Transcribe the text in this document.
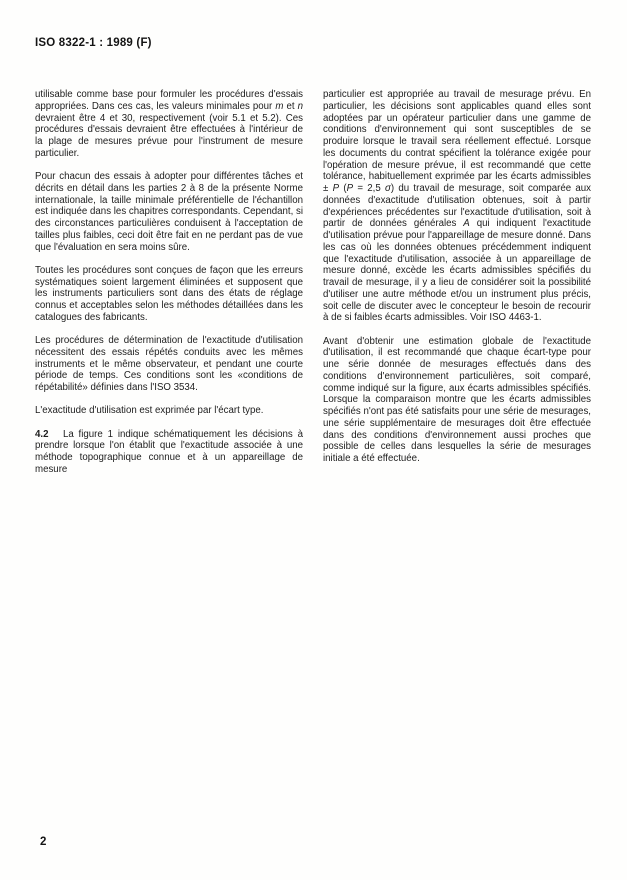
ISO 8322-1 : 1989 (F)

utilisable comme base pour formuler les procédures d'essais appropriées. Dans ces cas, les valeurs minimales pour m et n devraient être 4 et 30, respectivement (voir 5.1 et 5.2). Ces procédures d'essais devraient être effectuées à l'intérieur de la plage de mesures prévue pour l'instrument de mesure particulier.

Pour chacun des essais à adopter pour différentes tâches et décrits en détail dans les parties 2 à 8 de la présente Norme internationale, la taille minimale préférentielle de l'échantillon est indiquée dans les chapitres correspondants. Cependant, si des circonstances particulières conduisent à l'acceptation de tailles plus faibles, ceci doit être fait en ne perdant pas de vue que l'évaluation en sera moins sûre.

Toutes les procédures sont conçues de façon que les erreurs systématiques soient largement éliminées et supposent que les instruments particuliers sont dans des états de réglage connus et acceptables selon les méthodes détaillées dans les catalogues des fabricants.

Les procédures de détermination de l'exactitude d'utilisation nécessitent des essais répétés conduits avec les mêmes instruments et le même observateur, et pendant une courte période de temps. Ces conditions sont les «conditions de répétabilité» définies dans l'ISO 3534.

L'exactitude d'utilisation est exprimée par l'écart type.

4.2   La figure 1 indique schématiquement les décisions à prendre lorsque l'on établit que l'exactitude associée à une méthode topographique connue et à un appareillage de mesure

particulier est appropriée au travail de mesurage prévu. En particulier, les décisions sont applicables quand elles sont adoptées par un opérateur particulier dans une gamme de conditions d'environnement qui sont susceptibles de se produire lorsque le travail sera réellement effectué. Lorsque les documents du contrat spécifient la tolérance exigée pour l'opération de mesure prévue, il est recommandé que cette tolérance, habituellement exprimée par les écarts admissibles ± P (P = 2,5 σ) du travail de mesurage, soit comparée aux données d'exactitude d'utilisation obtenues, soit à partir d'expériences précédentes sur l'exactitude d'utilisation, soit à partir de données générales A qui indiquent l'exactitude d'utilisation prévue pour l'appareillage de mesure donné. Dans les cas où les données obtenues précédemment indiquent que l'exactitude d'utilisation, associée à un appareillage de mesure donné, excède les écarts admissibles spécifiés du travail de mesurage, il y a lieu de considérer soit la possibilité d'utiliser une autre méthode et/ou un instrument plus précis, soit celle de discuter avec le concepteur le besoin de recourir à de si faibles écarts admissibles. Voir ISO 4463-1.

Avant d'obtenir une estimation globale de l'exactitude d'utilisation, il est recommandé que chaque écart-type pour une série donnée de mesurages effectués dans des conditions d'environnement particulières, soit comparé, comme indiqué sur la figure, aux écarts admissibles spécifiés. Lorsque la comparaison montre que les écarts admissibles spécifiés n'ont pas été satisfaits pour une série de mesurages, une série supplémentaire de mesurages doit être effectuée dans des conditions d'environnement aussi proches que possible de celles dans lesquelles la série de mesurages initiale a été effectuée.

2
